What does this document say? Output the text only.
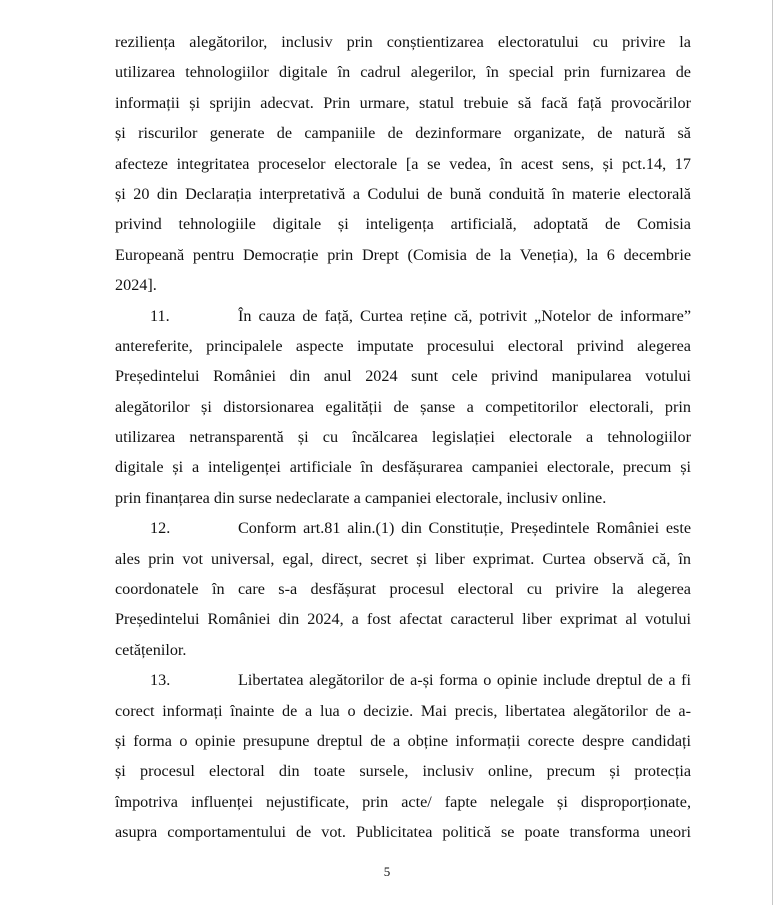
reziliența alegătorilor, inclusiv prin conștientizarea electoratului cu privire la
utilizarea tehnologiilor digitale în cadrul alegerilor, în special prin furnizarea de
informații și sprijin adecvat. Prin urmare, statul trebuie să facă față provocărilor
și riscurilor generate de campaniile de dezinformare organizate, de natură să
afecteze integritatea proceselor electorale [a se vedea, în acest sens, și pct.14, 17
și 20 din Declarația interpretativă a Codului de bună conduită în materie electorală
privind tehnologiile digitale și inteligența artificială, adoptată de Comisia
Europeană pentru Democrație prin Drept (Comisia de la Veneția), la 6 decembrie
2024].
11.	În cauza de față, Curtea reține că, potrivit „Notelor de informare”
antereferite, principalele aspecte imputate procesului electoral privind alegerea
Președintelui României din anul 2024 sunt cele privind manipularea votului
alegătorilor și distorsionarea egalității de șanse a competitorilor electorali, prin
utilizarea netransparentă și cu încălcarea legislației electorale a tehnologiilor
digitale și a inteligenței artificiale în desfășurarea campaniei electorale, precum și
prin finanțarea din surse nedeclarate a campaniei electorale, inclusiv online.
12.	Conform art.81 alin.(1) din Constituție, Președintele României este
ales prin vot universal, egal, direct, secret și liber exprimat. Curtea observă că, în
coordonatele în care s-a desfășurat procesul electoral cu privire la alegerea
Președintelui României din 2024, a fost afectat caracterul liber exprimat al votului
cetățenilor.
13.	Libertatea alegătorilor de a-și forma o opinie include dreptul de a fi
corect informați înainte de a lua o decizie. Mai precis, libertatea alegătorilor de a-
și forma o opinie presupune dreptul de a obține informații corecte despre candidați
și procesul electoral din toate sursele, inclusiv online, precum și protecția
împotriva influenței nejustificate, prin acte/ fapte nelegale și disproporționate,
asupra comportamentului de vot. Publicitatea politică se poate transforma uneori
5
